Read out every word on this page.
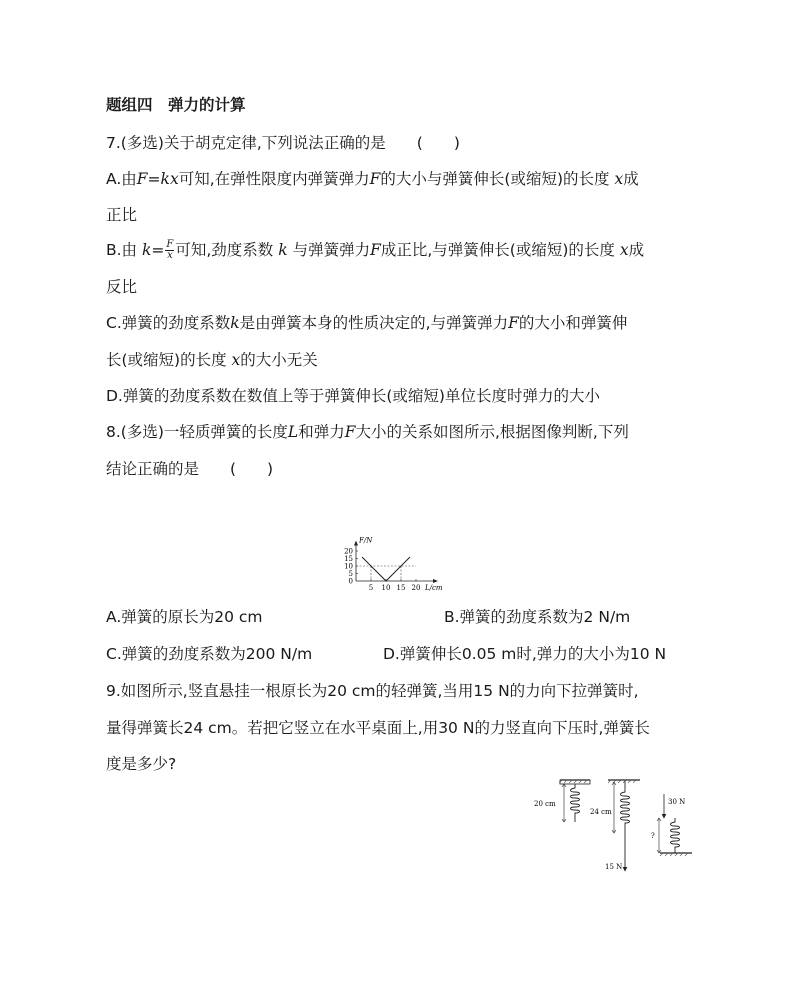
题组四　弹力的计算
7.(多选)关于胡克定律,下列说法正确的是　　(　　)
A.由F=kx可知,在弹性限度内弹簧弹力F的大小与弹簧伸长(或缩短)的长度 x成
正比
B.由 $k= \frac{F}{x}$ 可知,劲度系数 k 与弹簧弹力F成正比,与弹簧伸长(或缩短)的长度 x成
反比
C.弹簧的劲度系数k是由弹簧本身的性质决定的,与弹簧弹力F的大小和弹簧伸
长(或缩短)的长度 x的大小无关
D.弹簧的劲度系数在数值上等于弹簧伸长(或缩短)单位长度时弹力的大小
8.(多选)一轻质弹簧的长度L和弹力F大小的关系如图所示,根据图像判断,下列
结论正确的是　　(　　)
F/N
L/cm
0
5
10
15
20
5 10 15 20
A.弹簧的原长为20 cm	B.弹簧的劲度系数为2 N/m
C.弹簧的劲度系数为200 N/m	D.弹簧伸长0.05 m时,弹力的大小为10 N
9.如图所示,竖直悬挂一根原长为20 cm的轻弹簧,当用15 N的力向下拉弹簧时,
量得弹簧长24 cm。若把它竖立在水平桌面上,用30 N的力竖直向下压时,弹簧长
度是多少?
20 cm
24 cm
15 N
30 N
?
